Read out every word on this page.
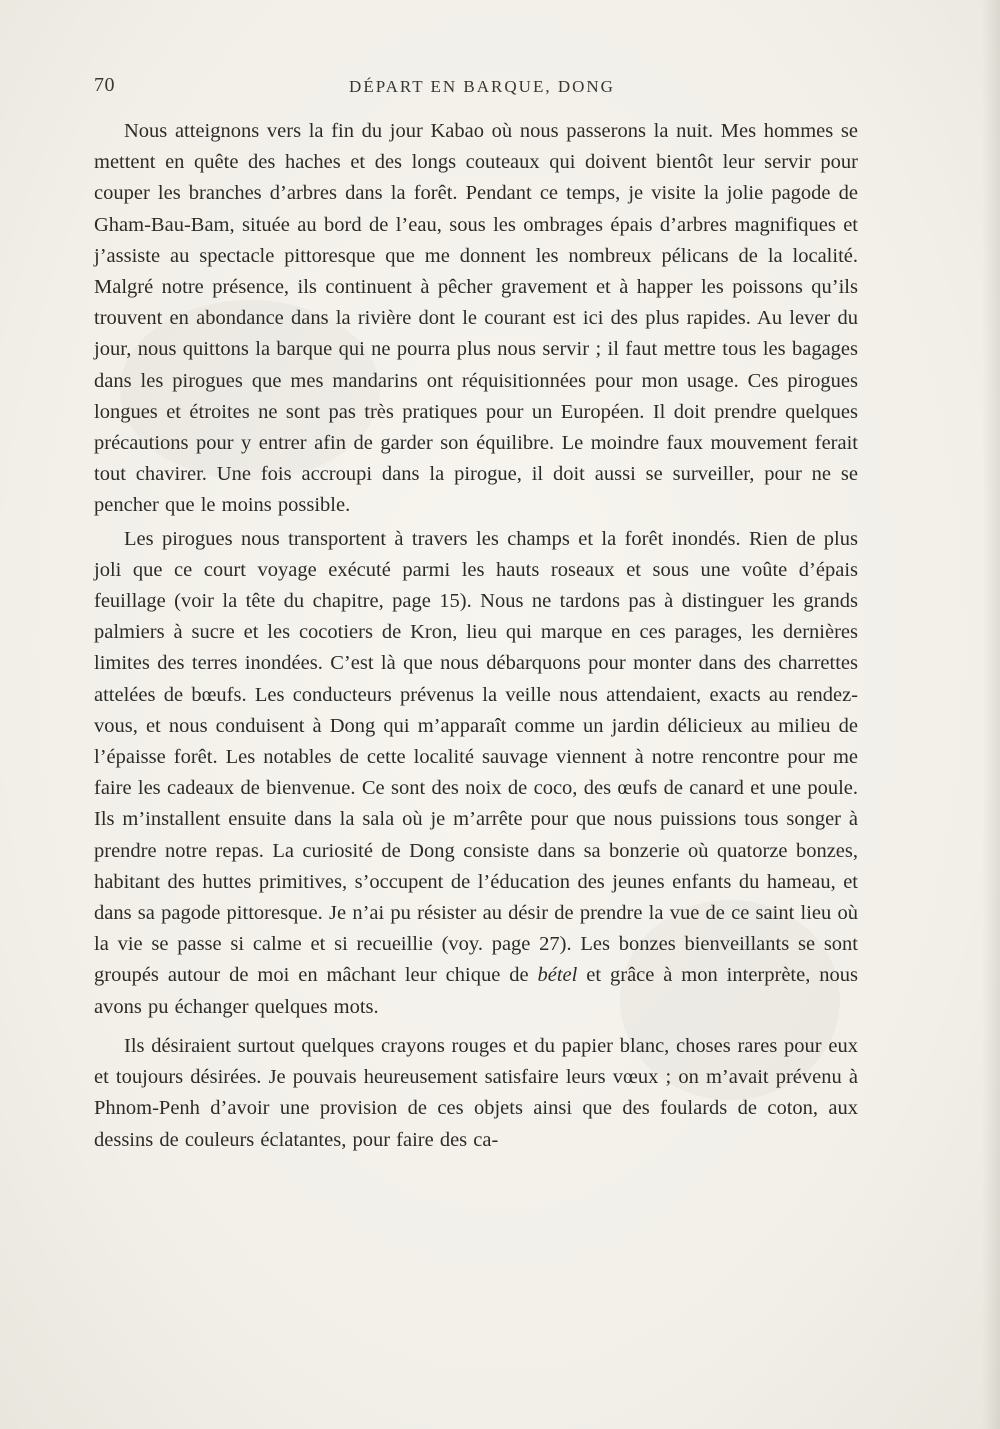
70	DÉPART EN BARQUE, DONG

Nous atteignons vers la fin du jour Kabao où nous passerons la nuit. Mes hommes se mettent en quête des haches et des longs couteaux qui doivent bientôt leur servir pour couper les branches d’arbres dans la forêt. Pendant ce temps, je visite la jolie pagode de Gham-Bau-Bam, située au bord de l’eau, sous les ombrages épais d’arbres magnifiques et j’assiste au spectacle pittoresque que me donnent les nombreux pélicans de la localité. Malgré notre présence, ils continuent à pêcher gravement et à happer les poissons qu’ils trouvent en abondance dans la rivière dont le courant est ici des plus rapides. Au lever du jour, nous quittons la barque qui ne pourra plus nous servir ; il faut mettre tous les bagages dans les pirogues que mes mandarins ont réquisitionnées pour mon usage. Ces pirogues longues et étroites ne sont pas très pratiques pour un Européen. Il doit prendre quelques précautions pour y entrer afin de garder son équilibre. Le moindre faux mouvement ferait tout chavirer. Une fois accroupi dans la pirogue, il doit aussi se surveiller, pour ne se pencher que le moins possible.

Les pirogues nous transportent à travers les champs et la forêt inondés. Rien de plus joli que ce court voyage exécuté parmi les hauts roseaux et sous une voûte d’épais feuillage (voir la tête du chapitre, page 15). Nous ne tardons pas à distinguer les grands palmiers à sucre et les cocotiers de Kron, lieu qui marque en ces parages, les dernières limites des terres inondées. C’est là que nous débarquons pour monter dans des charrettes attelées de bœufs. Les conducteurs prévenus la veille nous attendaient, exacts au rendez-vous, et nous conduisent à Dong qui m’apparaît comme un jardin délicieux au milieu de l’épaisse forêt. Les notables de cette localité sauvage viennent à notre rencontre pour me faire les cadeaux de bienvenue. Ce sont des noix de coco, des œufs de canard et une poule. Ils m’installent ensuite dans la sala où je m’arrête pour que nous puissions tous songer à prendre notre repas. La curiosité de Dong consiste dans sa bonzerie où quatorze bonzes, habitant des huttes primitives, s’occupent de l’éducation des jeunes enfants du hameau, et dans sa pagode pittoresque. Je n’ai pu résister au désir de prendre la vue de ce saint lieu où la vie se passe si calme et si recueillie (voy. page 27). Les bonzes bienveillants se sont groupés autour de moi en mâchant leur chique de bétel et grâce à mon interprète, nous avons pu échanger quelques mots.

Ils désiraient surtout quelques crayons rouges et du papier blanc, choses rares pour eux et toujours désirées. Je pouvais heureusement satisfaire leurs vœux ; on m’avait prévenu à Phnom-Penh d’avoir une provision de ces objets ainsi que des foulards de coton, aux dessins de couleurs éclatantes, pour faire des ca-
